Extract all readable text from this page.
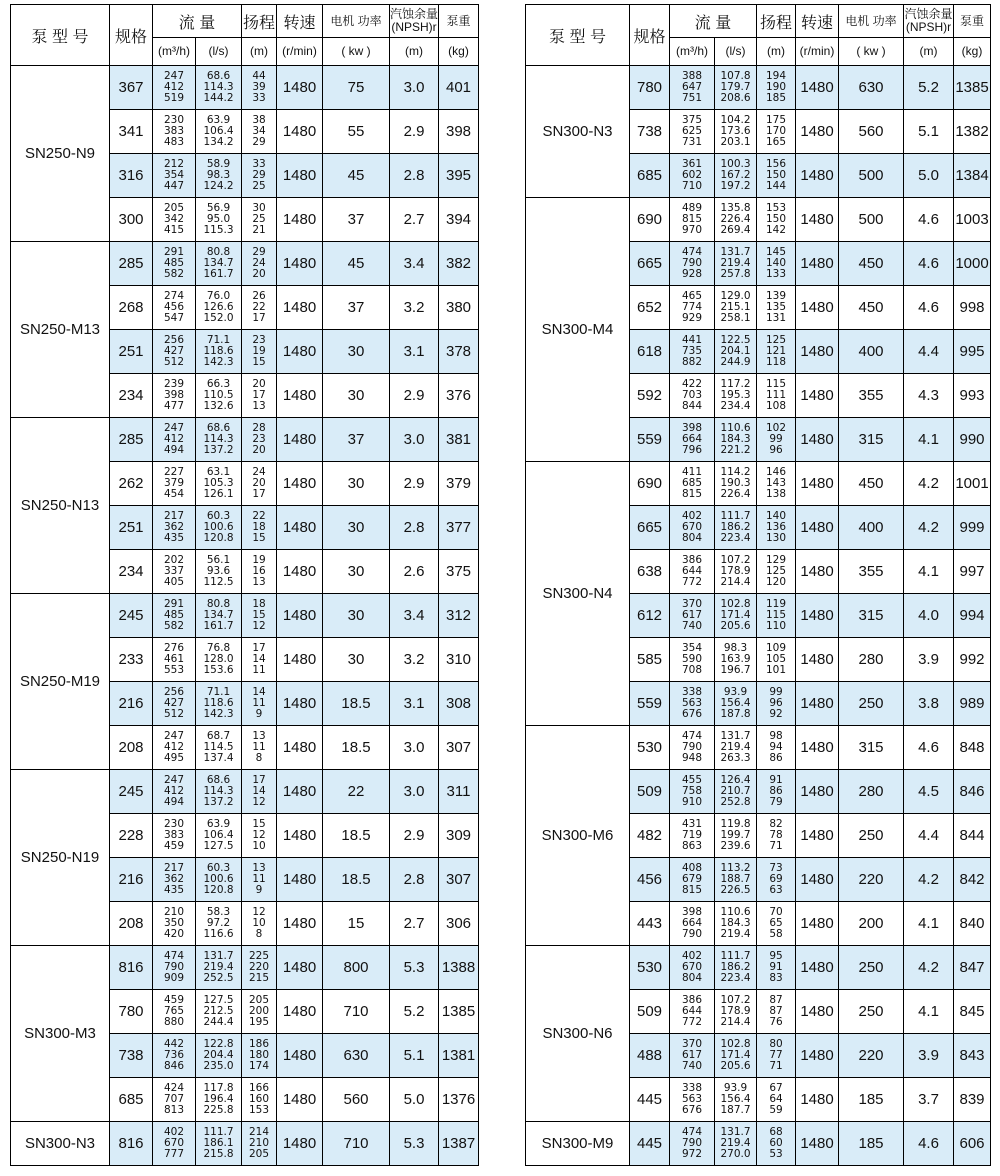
泵 型 号	规格	流 量		扬程	转速	电机 功率	汽蚀余量 (NPSH)r	泵重
		(m³/h)	(l/s)	(m)	(r/min)	( kw )	(m)	(kg)
SN250-N9	367	247
412
519	68.6
114.3
144.2	44
39
33	1480	75	3.0	401
	341	230
383
483	63.9
106.4
134.2	38
34
29	1480	55	2.9	398
	316	212
354
447	58.9
98.3
124.2	33
29
25	1480	45	2.8	395
	300	205
342
415	56.9
95.0
115.3	30
25
21	1480	37	2.7	394
SN250-M13	285	291
485
582	80.8
134.7
161.7	29
24
20	1480	45	3.4	382
	268	274
456
547	76.0
126.6
152.0	26
22
17	1480	37	3.2	380
	251	256
427
512	71.1
118.6
142.3	23
19
15	1480	30	3.1	378
	234	239
398
477	66.3
110.5
132.6	20
17
13	1480	30	2.9	376
SN250-N13	285	247
412
494	68.6
114.3
137.2	28
23
20	1480	37	3.0	381
	262	227
379
454	63.1
105.3
126.1	24
20
17	1480	30	2.9	379
	251	217
362
435	60.3
100.6
120.8	22
18
15	1480	30	2.8	377
	234	202
337
405	56.1
93.6
112.5	19
16
13	1480	30	2.6	375
SN250-M19	245	291
485
582	80.8
134.7
161.7	18
15
12	1480	30	3.4	312
	233	276
461
553	76.8
128.0
153.6	17
14
11	1480	30	3.2	310
	216	256
427
512	71.1
118.6
142.3	14
11
9	1480	18.5	3.1	308
	208	247
412
495	68.7
114.5
137.4	13
11
8	1480	18.5	3.0	307
SN250-N19	245	247
412
494	68.6
114.3
137.2	17
14
12	1480	22	3.0	311
	228	230
383
459	63.9
106.4
127.5	15
12
10	1480	18.5	2.9	309
	216	217
362
435	60.3
100.6
120.8	13
11
9	1480	18.5	2.8	307
	208	210
350
420	58.3
97.2
116.6	12
10
8	1480	15	2.7	306
SN300-M3	816	474
790
909	131.7
219.4
252.5	225
220
215	1480	800	5.3	1388
	780	459
765
880	127.5
212.5
244.4	205
200
195	1480	710	5.2	1385
	738	442
736
846	122.8
204.4
235.0	186
180
174	1480	630	5.1	1381
	685	424
707
813	117.8
196.4
225.8	166
160
153	1480	560	5.0	1376
SN300-N3	816	402
670
777	111.7
186.1
215.8	214
210
205	1480	710	5.3	1387
泵 型 号	规格	流 量		扬程	转速	电机 功率	汽蚀余量 (NPSH)r	泵重
		(m³/h)	(l/s)	(m)	(r/min)	( kw )	(m)	(kg)
SN300-N3	780	388
647
751	107.8
179.7
208.6	194
190
185	1480	630	5.2	1385
	738	375
625
731	104.2
173.6
203.1	175
170
165	1480	560	5.1	1382
	685	361
602
710	100.3
167.2
197.2	156
150
144	1480	500	5.0	1384
SN300-M4	690	489
815
970	135.8
226.4
269.4	153
150
142	1480	500	4.6	1003
	665	474
790
928	131.7
219.4
257.8	145
140
133	1480	450	4.6	1000
	652	465
774
929	129.0
215.1
258.1	139
135
131	1480	450	4.6	998
	618	441
735
882	122.5
204.1
244.9	125
121
118	1480	400	4.4	995
	592	422
703
844	117.2
195.3
234.4	115
111
108	1480	355	4.3	993
	559	398
664
796	110.6
184.3
221.2	102
99
96	1480	315	4.1	990
SN300-N4	690	411
685
815	114.2
190.3
226.4	146
143
138	1480	450	4.2	1001
	665	402
670
804	111.7
186.2
223.4	140
136
130	1480	400	4.2	999
	638	386
644
772	107.2
178.9
214.4	129
125
120	1480	355	4.1	997
	612	370
617
740	102.8
171.4
205.6	119
115
110	1480	315	4.0	994
	585	354
590
708	98.3
163.9
196.7	109
105
101	1480	280	3.9	992
	559	338
563
676	93.9
156.4
187.8	99
96
92	1480	250	3.8	989
SN300-M6	530	474
790
948	131.7
219.4
263.3	98
94
86	1480	315	4.6	848
	509	455
758
910	126.4
210.7
252.8	91
86
79	1480	280	4.5	846
	482	431
719
863	119.8
199.7
239.6	82
78
71	1480	250	4.4	844
	456	408
679
815	113.2
188.7
226.5	73
69
63	1480	220	4.2	842
	443	398
664
790	110.6
184.3
219.4	70
65
58	1480	200	4.1	840
SN300-N6	530	402
670
804	111.7
186.2
223.4	95
91
83	1480	250	4.2	847
	509	386
644
772	107.2
178.9
214.4	87
87
76	1480	250	4.1	845
	488	370
617
740	102.8
171.4
205.6	80
77
71	1480	220	3.9	843
	445	338
563
676	93.9
156.4
187.7	67
64
59	1480	185	3.7	839
SN300-M9	445	474
790
972	131.7
219.4
270.0	68
60
53	1480	185	4.6	606
